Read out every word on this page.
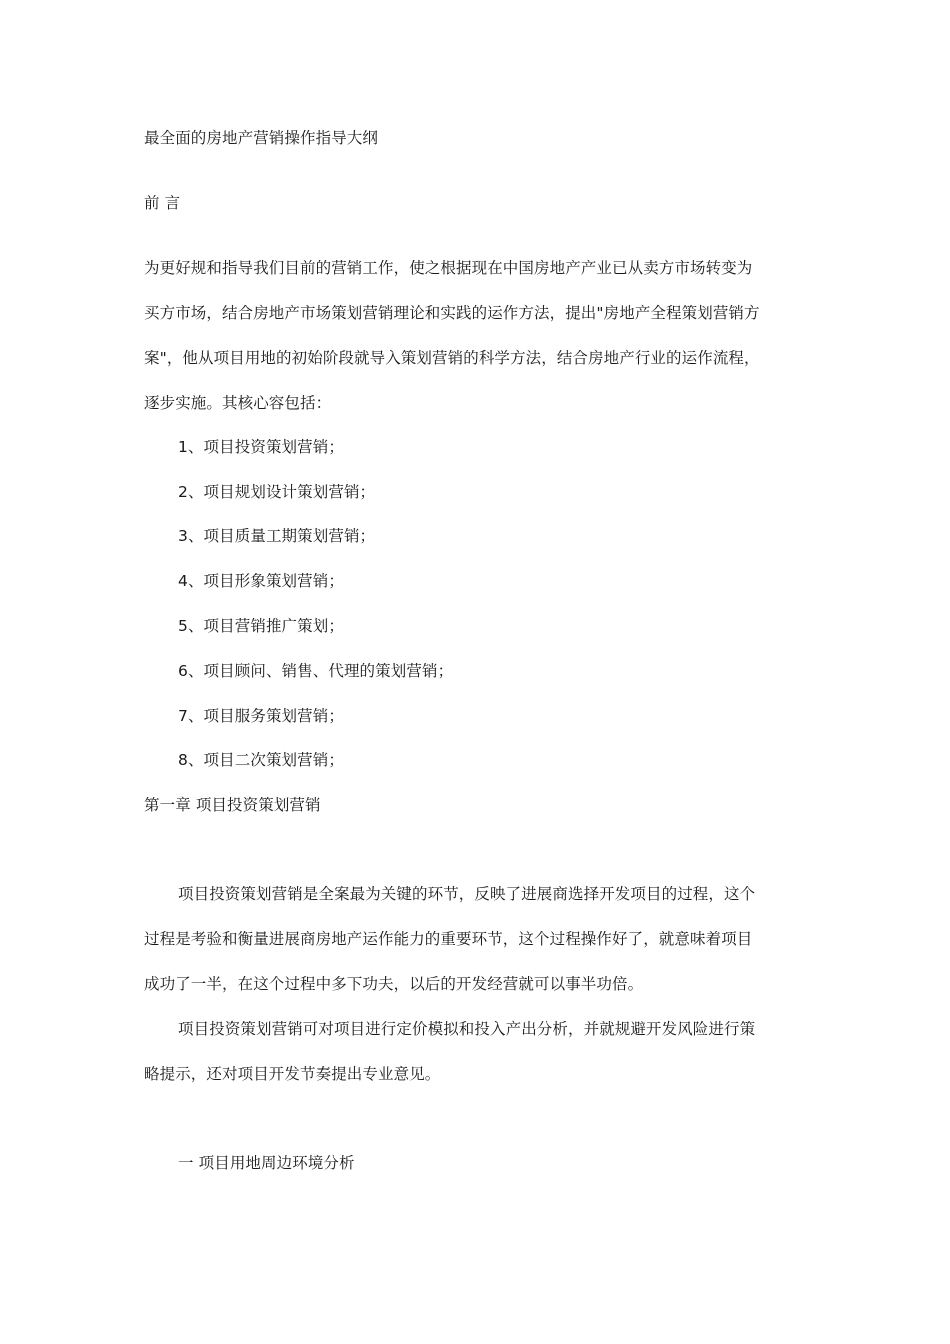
最全面的房地产营销操作指导大纲
前 言
为更好规和指导我们目前的营销工作，使之根据现在中国房地产产业已从卖方市场转变为
买方市场，结合房地产市场策划营销理论和实践的运作方法，提出"房地产全程策划营销方
案"，他从项目用地的初始阶段就导入策划营销的科学方法，结合房地产行业的运作流程，
逐步实施。其核心容包括：
1、项目投资策划营销；
2、项目规划设计策划营销；
3、项目质量工期策划营销；
4、项目形象策划营销；
5、项目营销推广策划；
6、项目顾问、销售、代理的策划营销；
7、项目服务策划营销；
8、项目二次策划营销；
第一章 项目投资策划营销
项目投资策划营销是全案最为关键的环节，反映了进展商选择开发项目的过程，这个
过程是考验和衡量进展商房地产运作能力的重要环节，这个过程操作好了，就意味着项目
成功了一半，在这个过程中多下功夫，以后的开发经营就可以事半功倍。
项目投资策划营销可对项目进行定价模拟和投入产出分析，并就规避开发风险进行策
略提示，还对项目开发节奏提出专业意见。
一 项目用地周边环境分析
